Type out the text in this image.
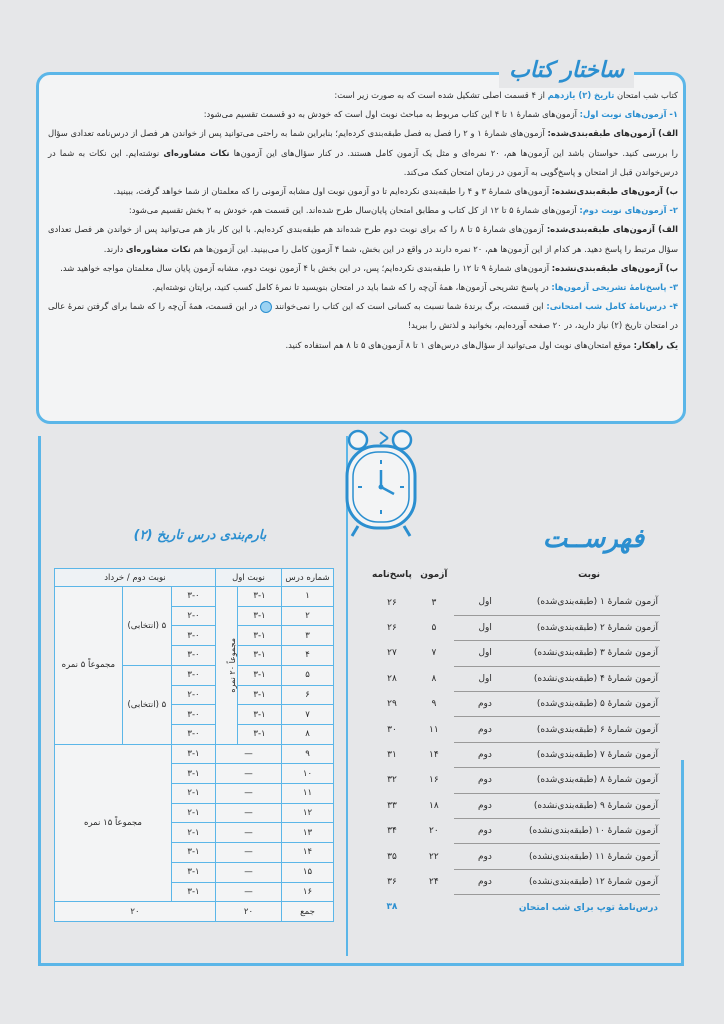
ساختار کتاب

کتاب شب امتحان تاریخ (۲) یازدهم از ۴ قسمت اصلی تشکیل شده است که به صورت زیر است:

۱- آزمون‌های نوبت اول: آزمون‌های شمارهٔ ۱ تا ۴ این کتاب مربوط به مباحث نوبت اول است که خودش به دو قسمت تقسیم می‌شود:

الف) آزمون‌های طبقه‌بندی‌شده: آزمون‌های شمارهٔ ۱ و ۲ را فصل به فصل طبقه‌بندی کرده‌ایم؛ بنابراین شما به راحتی می‌توانید پس از خواندن هر فصل از درس‌نامه تعدادی سؤال را بررسی کنید. حواستان باشد این آزمون‌ها هم، ۲۰ نمره‌ای و مثل یک آزمون کامل هستند. در کنار سؤال‌های این آزمون‌ها نکات مشاوره‌ای نوشته‌ایم. این نکات به شما در درس‌خواندن قبل از امتحان و پاسخ‌گویی به آزمون در زمان امتحان کمک می‌کند.

ب) آزمون‌های طبقه‌بندی‌نشده: آزمون‌های شمارهٔ ۳ و ۴ را طبقه‌بندی نکرده‌ایم تا دو آزمون نوبت اول مشابه آزمونی را که معلمتان از شما خواهد گرفت، ببینید.

۲- آزمون‌های نوبت دوم: آزمون‌های شمارهٔ ۵ تا ۱۲ از کل کتاب و مطابق امتحان پایان‌سال طرح شده‌اند. این قسمت هم، خودش به ۲ بخش تقسیم می‌شود:

الف) آزمون‌های طبقه‌بندی‌شده: آزمون‌های شمارهٔ ۵ تا ۸ را که برای نوبت دوم طرح شده‌اند هم طبقه‌بندی کرده‌ایم. با این کار باز هم می‌توانید پس از خواندن هر فصل تعدادی سؤال مرتبط را پاسخ دهید. هر کدام از این آزمون‌ها هم، ۲۰ نمره دارند در واقع در این بخش، شما ۴ آزمون کامل را می‌بینید. این آزمون‌ها هم نکات مشاوره‌ای دارند.

ب) آزمون‌های طبقه‌بندی‌نشده: آزمون‌های شمارهٔ ۹ تا ۱۲ را طبقه‌بندی نکرده‌ایم؛ پس، در این بخش با ۴ آزمون نوبت دوم، مشابه آزمون پایان سال معلمتان مواجه خواهید شد.

۳- پاسخ‌نامهٔ تشریحی آزمون‌ها: در پاسخ تشریحی آزمون‌ها، همهٔ آن‌چه را که شما باید در امتحان بنویسید تا نمرهٔ کامل کسب کنید، برایتان نوشته‌ایم.

۴- درس‌نامهٔ کامل شب امتحانی: این قسمت، برگ برندهٔ شما نسبت به کسانی است که این کتاب را نمی‌خوانند  در این قسمت، همهٔ آن‌چه را که شما برای گرفتن نمرهٔ عالی در امتحان تاریخ (۲) نیاز دارید، در ۲۰ صفحه آورده‌ایم، بخوانید و لذتش را ببرید!

یک راهکار: موقع امتحان‌های نوبت اول می‌توانید از سؤال‌های درس‌های ۱ تا ۸ آزمون‌های ۵ تا ۸ هم استفاده کنید.

فهرســت
نوبت		آزمون	پاسخ‌نامه
آزمون شمارهٔ ۱ (طبقه‌بندی‌شده)	اول	۳	۲۶
آزمون شمارهٔ ۲ (طبقه‌بندی‌شده)	اول	۵	۲۶
آزمون شمارهٔ ۳ (طبقه‌بندی‌نشده)	اول	۷	۲۷
آزمون شمارهٔ ۴ (طبقه‌بندی‌نشده)	اول	۸	۲۸
آزمون شمارهٔ ۵ (طبقه‌بندی‌شده)	دوم	۹	۲۹
آزمون شمارهٔ ۶ (طبقه‌بندی‌شده)	دوم	۱۱	۳۰
آزمون شمارهٔ ۷ (طبقه‌بندی‌شده)	دوم	۱۴	۳۱
آزمون شمارهٔ ۸ (طبقه‌بندی‌شده)	دوم	۱۶	۳۲
آزمون شمارهٔ ۹ (طبقه‌بندی‌نشده)	دوم	۱۸	۳۳
آزمون شمارهٔ ۱۰ (طبقه‌بندی‌نشده)	دوم	۲۰	۳۴
آزمون شمارهٔ ۱۱ (طبقه‌بندی‌نشده)	دوم	۲۲	۳۵
آزمون شمارهٔ ۱۲ (طبقه‌بندی‌نشده)	دوم	۲۴	۳۶
درس‌نامهٔ توپ برای شب امتحان			۳۸
بارم‌بندی درس تاریخ (۲)
شماره درس	نوبت اول		نوبت دوم / خرداد		
۱	۳-۱	مجموعاً ۲۰ نمره	۳-۰	۵ (انتخابی)	مجموعاً ۵ نمره
۲	۳-۱		۲-۰		
۳	۳-۱		۳-۰		
۴	۳-۱		۳-۰		
۵	۳-۱		۳-۰	۵ (انتخابی)	
۶	۳-۱		۲-۰		
۷	۳-۱		۳-۰		
۸	۳-۱		۳-۰		
۹	—		۳-۱	مجموعاً ۱۵ نمره	
۱۰	—		۳-۱		
۱۱	—		۲-۱		
۱۲	—		۲-۱		
۱۳	—		۲-۱		
۱۴	—		۳-۱		
۱۵	—		۳-۱		
۱۶	—		۳-۱		
جمع	۲۰		۲۰		
